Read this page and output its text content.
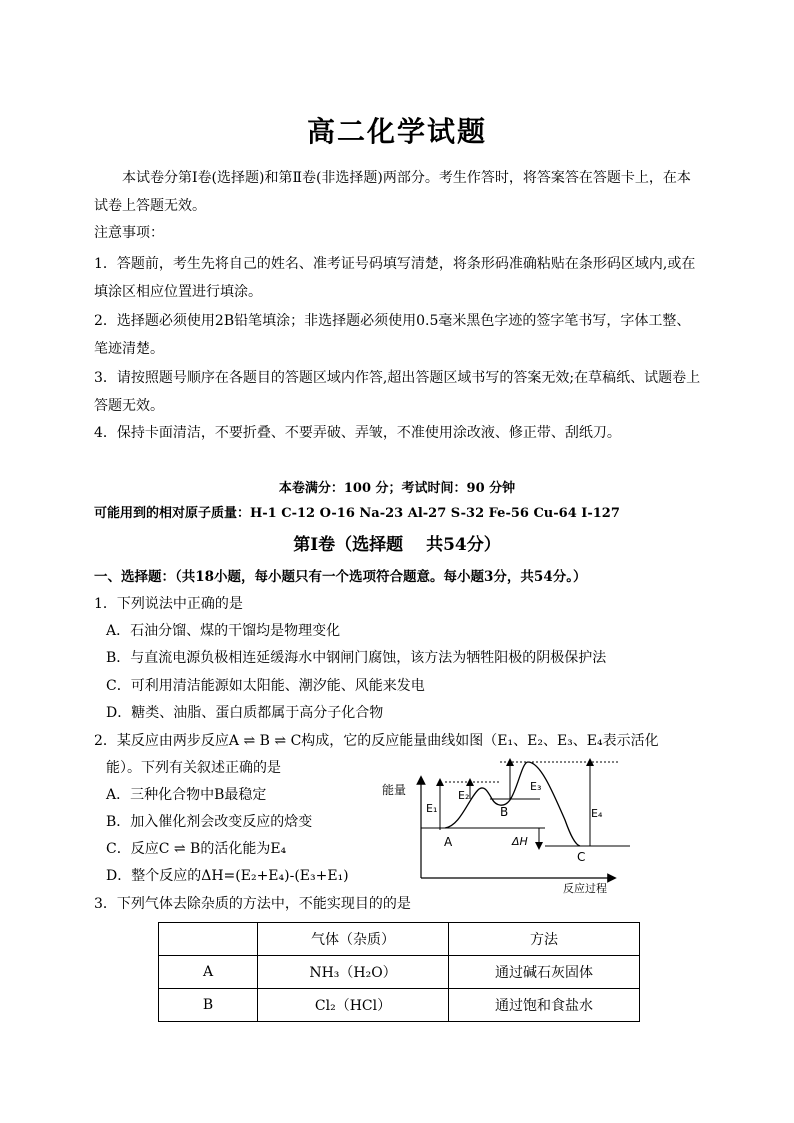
高二化学试题
本试卷分第Ⅰ卷(选择题)和第Ⅱ卷(非选择题)两部分。考生作答时，将答案答在答题卡上，在本试卷上答题无效。
注意事项：
1．答题前，考生先将自己的姓名、准考证号码填写清楚，将条形码准确粘贴在条形码区域内,或在填涂区相应位置进行填涂。
2．选择题必须使用2B铅笔填涂；非选择题必须使用0.5毫米黑色字迹的签字笔书写，字体工整、笔迹清楚。
3．请按照题号顺序在各题目的答题区域内作答,超出答题区域书写的答案无效;在草稿纸、试题卷上答题无效。
4．保持卡面清洁，不要折叠、不要弄破、弄皱，不准使用涂改液、修正带、刮纸刀。
本卷满分：100 分；考试时间：90 分钟
可能用到的相对原子质量：H-1 C-12 O-16 Na-23 Al-27 S-32 Fe-56 Cu-64 I-127
第Ⅰ卷（选择题　 共54分）
一、选择题：（共18小题，每小题只有一个选项符合题意。每小题3分，共54分。）
1．下列说法中正确的是
A．石油分馏、煤的干馏均是物理变化
B．与直流电源负极相连延缓海水中钢闸门腐蚀，该方法为牺牲阳极的阴极保护法
C．可利用清洁能源如太阳能、潮汐能、风能来发电
D．糖类、油脂、蛋白质都属于高分子化合物
2．某反应由两步反应A ⇌ B ⇌ C构成，它的反应能量曲线如图（E₁、E₂、E₃、E₄表示活化
能）。下列有关叙述正确的是
A．三种化合物中B最稳定
B．加入催化剂会改变反应的焓变
C．反应C ⇌ B的活化能为E₄
D．整个反应的ΔH=(E₂+E₄)-(E₃+E₁)
能量
反应过程
E₁
E₂
E₃
E₄
B
A
C
ΔH
3．下列气体去除杂质的方法中，不能实现目的的是
	气体（杂质）	方法
A	NH₃（H₂O）	通过碱石灰固体
B	Cl₂（HCl）	通过饱和食盐水
